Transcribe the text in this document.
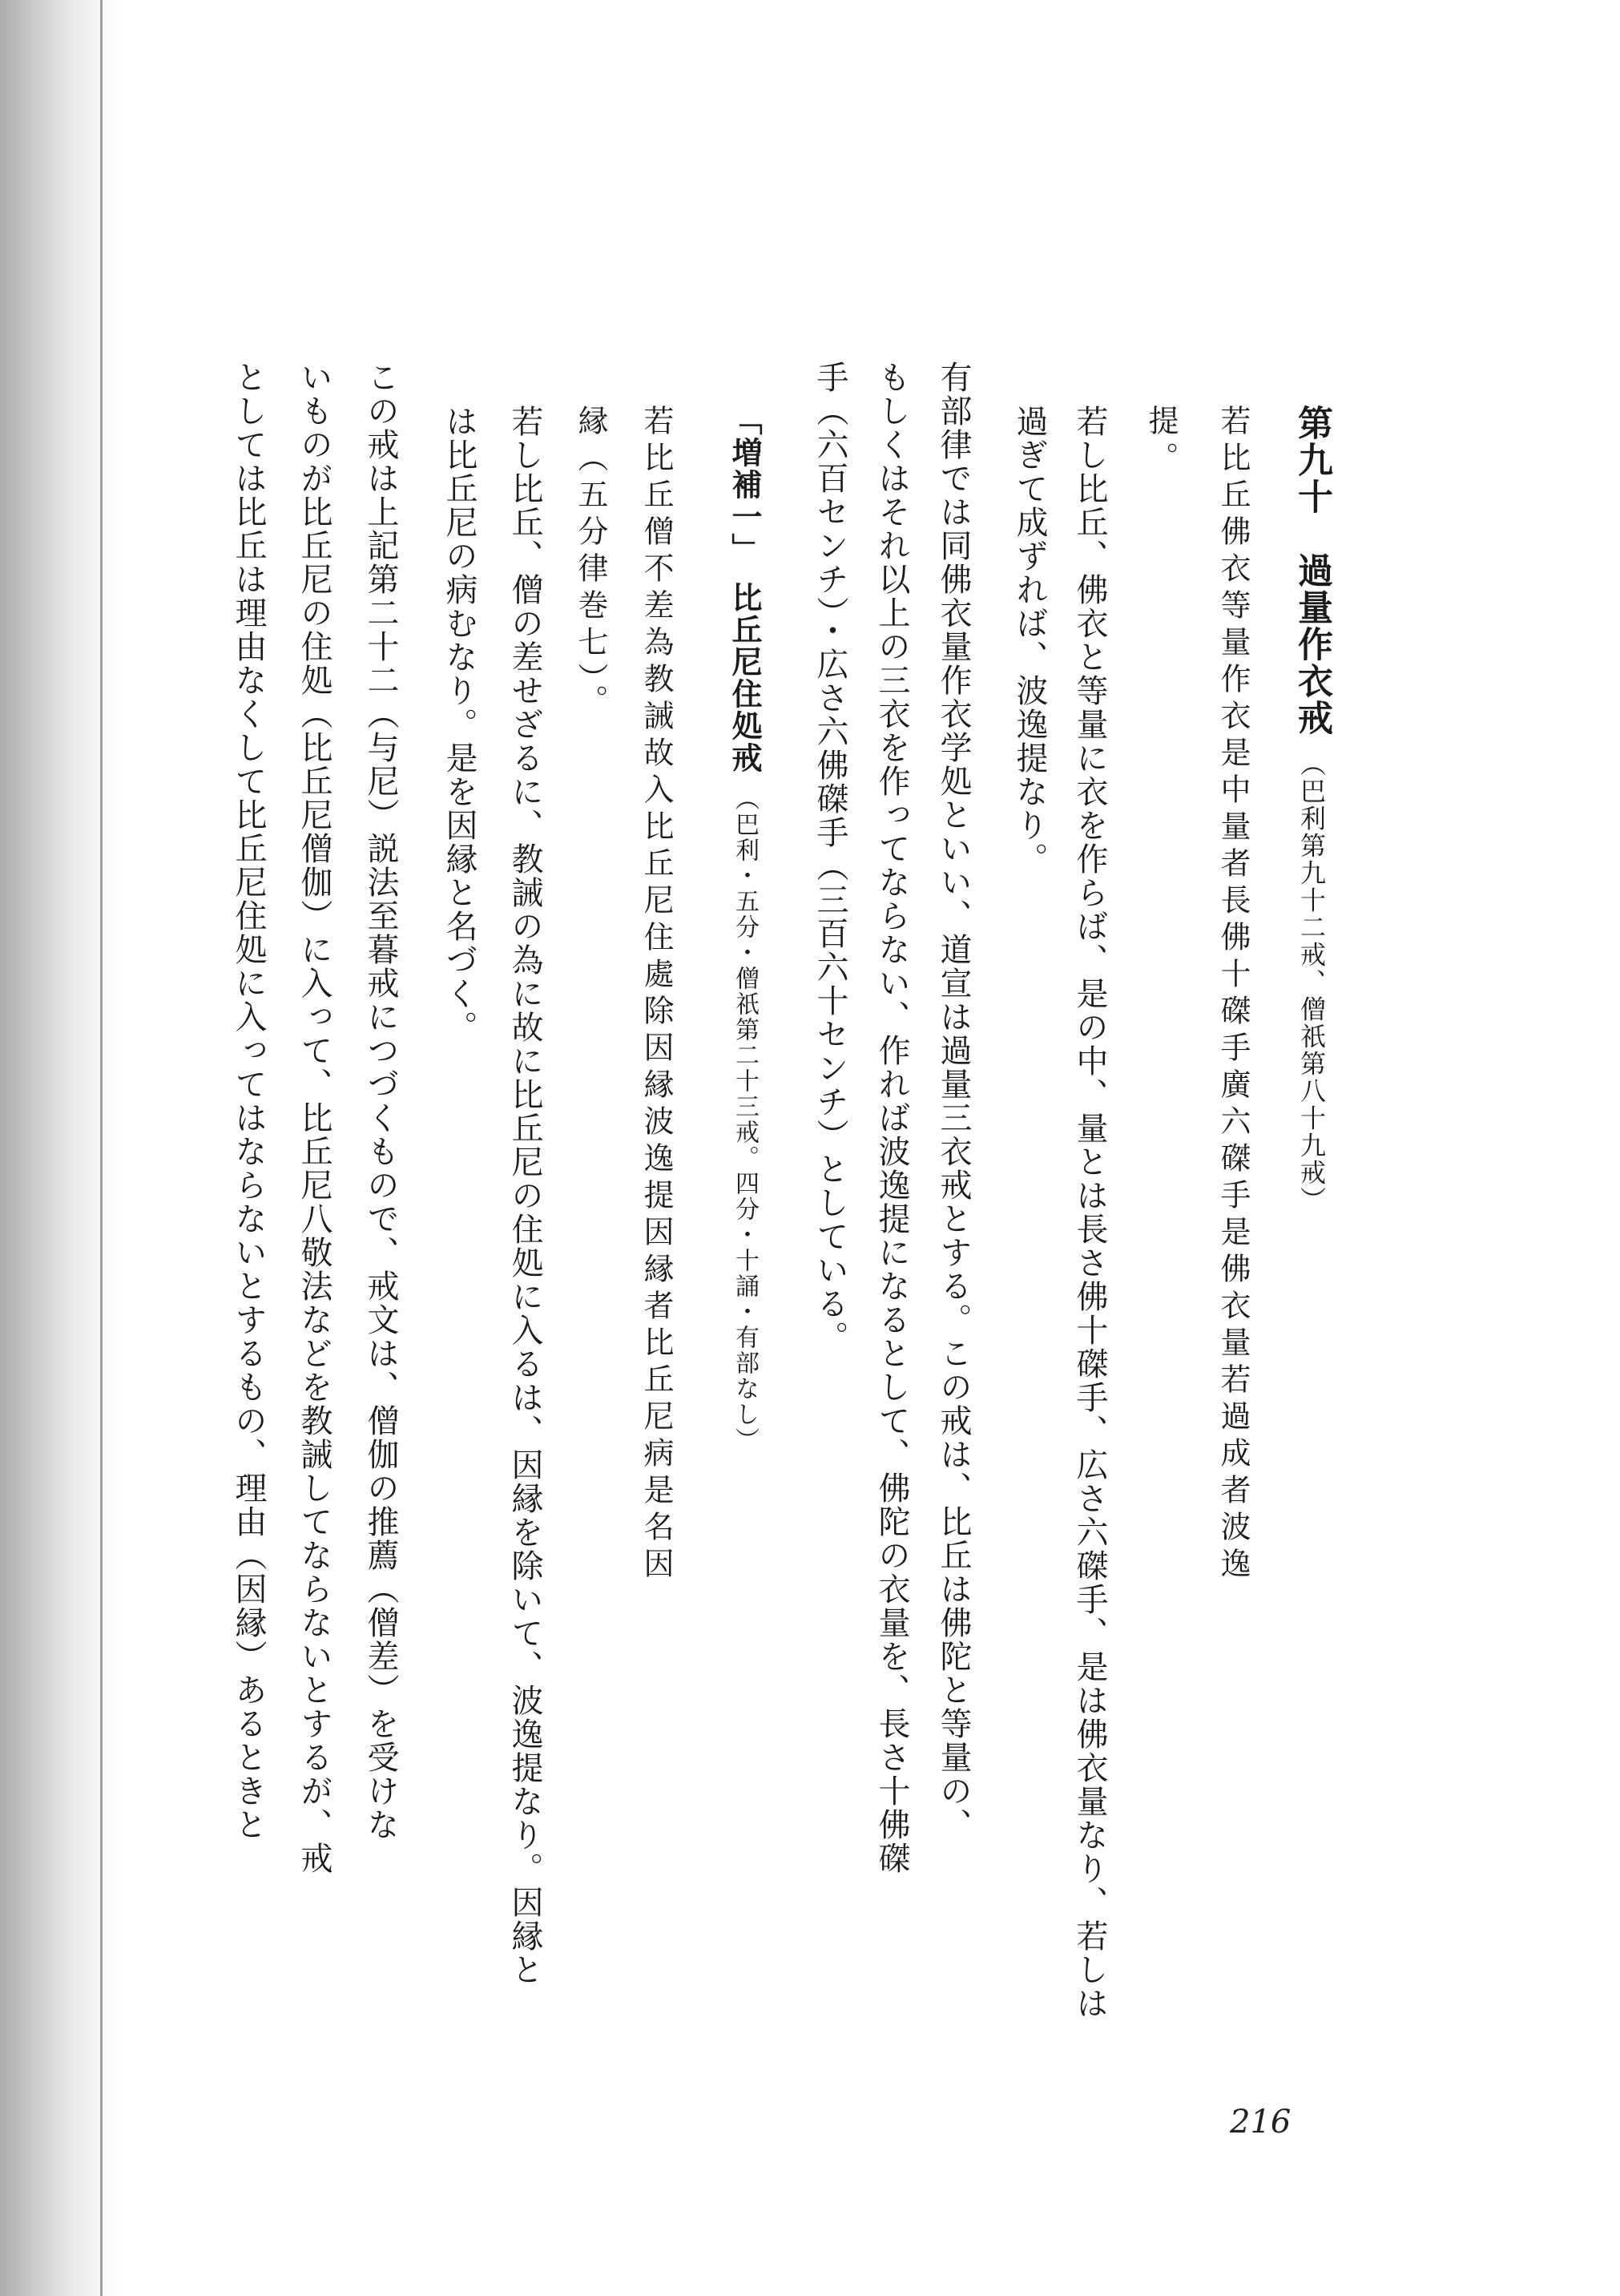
第九十　過量作衣戒 （巴利第九十二戒、僧祇第八十九戒）
若比丘佛衣等量作衣是中量者長佛十磔手廣六磔手是佛衣量若過成者波逸
提。
若し比丘、佛衣と等量に衣を作らば、是の中、量とは長さ佛十磔手、広さ六磔手、是は佛衣量なり、若しは
過ぎて成ずれば、波逸提なり。
有部律では同佛衣量作衣学処といい、道宣は過量三衣戒とする。この戒は、比丘は佛陀と等量の、
もしくはそれ以上の三衣を作ってならない、作れば波逸提になるとして、佛陀の衣量を、長さ十佛磔
手（六百センチ）・広さ六佛磔手（三百六十センチ）としている。
「増補一」　比丘尼住処戒 （巴利・五分・僧祇第二十三戒。四分・十誦・有部なし）
若比丘僧不差為教誡故入比丘尼住處除因縁波逸提因縁者比丘尼病是名因
縁（五分律巻七）。
若し比丘、僧の差せざるに、教誡の為に故に比丘尼の住処に入るは、因縁を除いて、波逸提なり。因縁と
は比丘尼の病むなり。是を因縁と名づく。
この戒は上記第二十二（与尼）説法至暮戒につづくもので、戒文は、僧伽の推薦（僧差）を受けな
いものが比丘尼の住処（比丘尼僧伽）に入って、比丘尼八敬法などを教誡してならないとするが、戒
としては比丘は理由なくして比丘尼住処に入ってはならないとするもの、理由（因縁）あるときと
216
